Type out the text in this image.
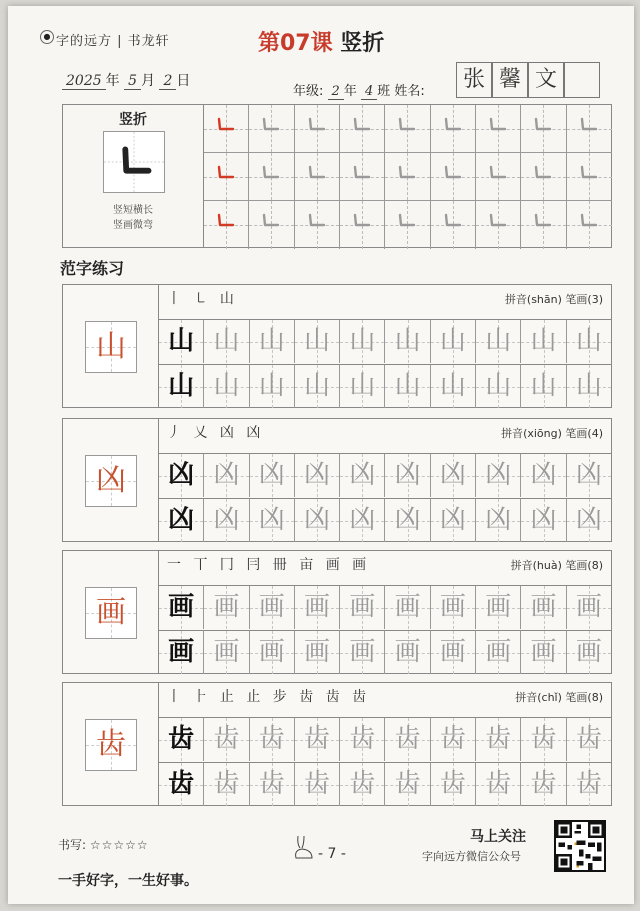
● 字的远方 | 书龙轩	第07课 竖折
2025 年 5 月 2 日
年级: 2 年 4 班 姓名:	张 馨 文
竖折
竖短横长
竖画微弯
范字练习
山
丨 ㇄ 山	拼音(shān) 笔画(3)
山 山 山 山 山 山 山 山 山 山
山 山 山 山 山 山 山 山 山 山
凶
丿 乂 凶 凶	拼音(xiōng) 笔画(4)
凶 凶 凶 凶 凶 凶 凶 凶 凶 凶
凶 凶 凶 凶 凶 凶 凶 凶 凶 凶
画
一 丅 冂 冃 冊 亩 画 画	拼音(huà) 笔画(8)
画 画 画 画 画 画 画 画 画 画
画 画 画 画 画 画 画 画 画 画
齿
丨 ⺊ 止 止 步 齿 齿 齿	拼音(chǐ) 笔画(8)
齿 齿 齿 齿 齿 齿 齿 齿 齿 齿
齿 齿 齿 齿 齿 齿 齿 齿 齿 齿
书写: ☆☆☆☆☆
一手好字，一生好事。
- 7 -
马上关注
字向远方微信公众号
